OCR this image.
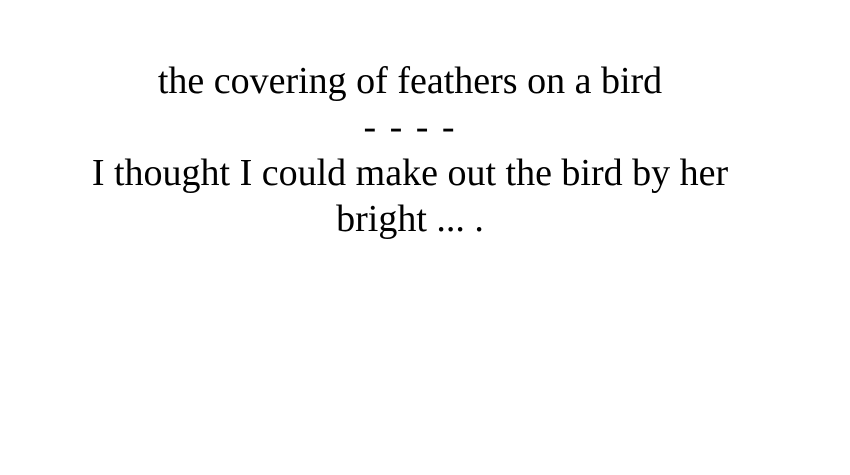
the covering of feathers on a bird
- - - -
I thought I could make out the bird by her bright ... .
